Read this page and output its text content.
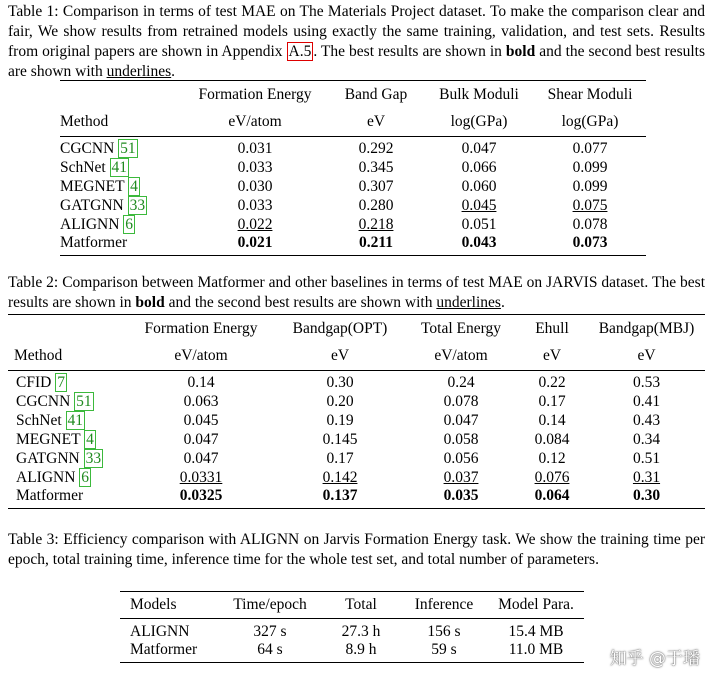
Table 1: Comparison in terms of test MAE on The Materials Project dataset. To make the comparison clear and fair, We show results from retrained models using exactly the same training, validation, and test sets. Results from original papers are shown in Appendix A.5 . The best results are shown in bold and the second best results are shown with underlines.
	Formation Energy	Band Gap	Bulk Moduli	Shear Moduli
Method	eV/atom	eV	log(GPa)	log(GPa)
CGCNN 51	0.031	0.292	0.047	0.077
SchNet 41	0.033	0.345	0.066	0.099
MEGNET 4	0.030	0.307	0.060	0.099
GATGNN 33	0.033	0.280	0.045	0.075
ALIGNN 6	0.022	0.218	0.051	0.078
Matformer	0.021	0.211	0.043	0.073
Table 2: Comparison between Matformer and other baselines in terms of test MAE on JARVIS dataset. The best results are shown in bold and the second best results are shown with underlines.
	Formation Energy	Bandgap(OPT)	Total Energy	Ehull	Bandgap(MBJ)
Method	eV/atom	eV	eV/atom	eV	eV
CFID 7	0.14	0.30	0.24	0.22	0.53
CGCNN 51	0.063	0.20	0.078	0.17	0.41
SchNet 41	0.045	0.19	0.047	0.14	0.43
MEGNET 4	0.047	0.145	0.058	0.084	0.34
GATGNN 33	0.047	0.17	0.056	0.12	0.51
ALIGNN 6	0.0331	0.142	0.037	0.076	0.31
Matformer	0.0325	0.137	0.035	0.064	0.30
Table 3: Efficiency comparison with ALIGNN on Jarvis Formation Energy task. We show the training time per epoch, total training time, inference time for the whole test set, and total number of parameters.
Models	Time/epoch	Total	Inference	Model Para.
ALIGNN	327 s	27.3 h	156 s	15.4 MB
Matformer	64 s	8.9 h	59 s	11.0 MB	知乎 @于璠
